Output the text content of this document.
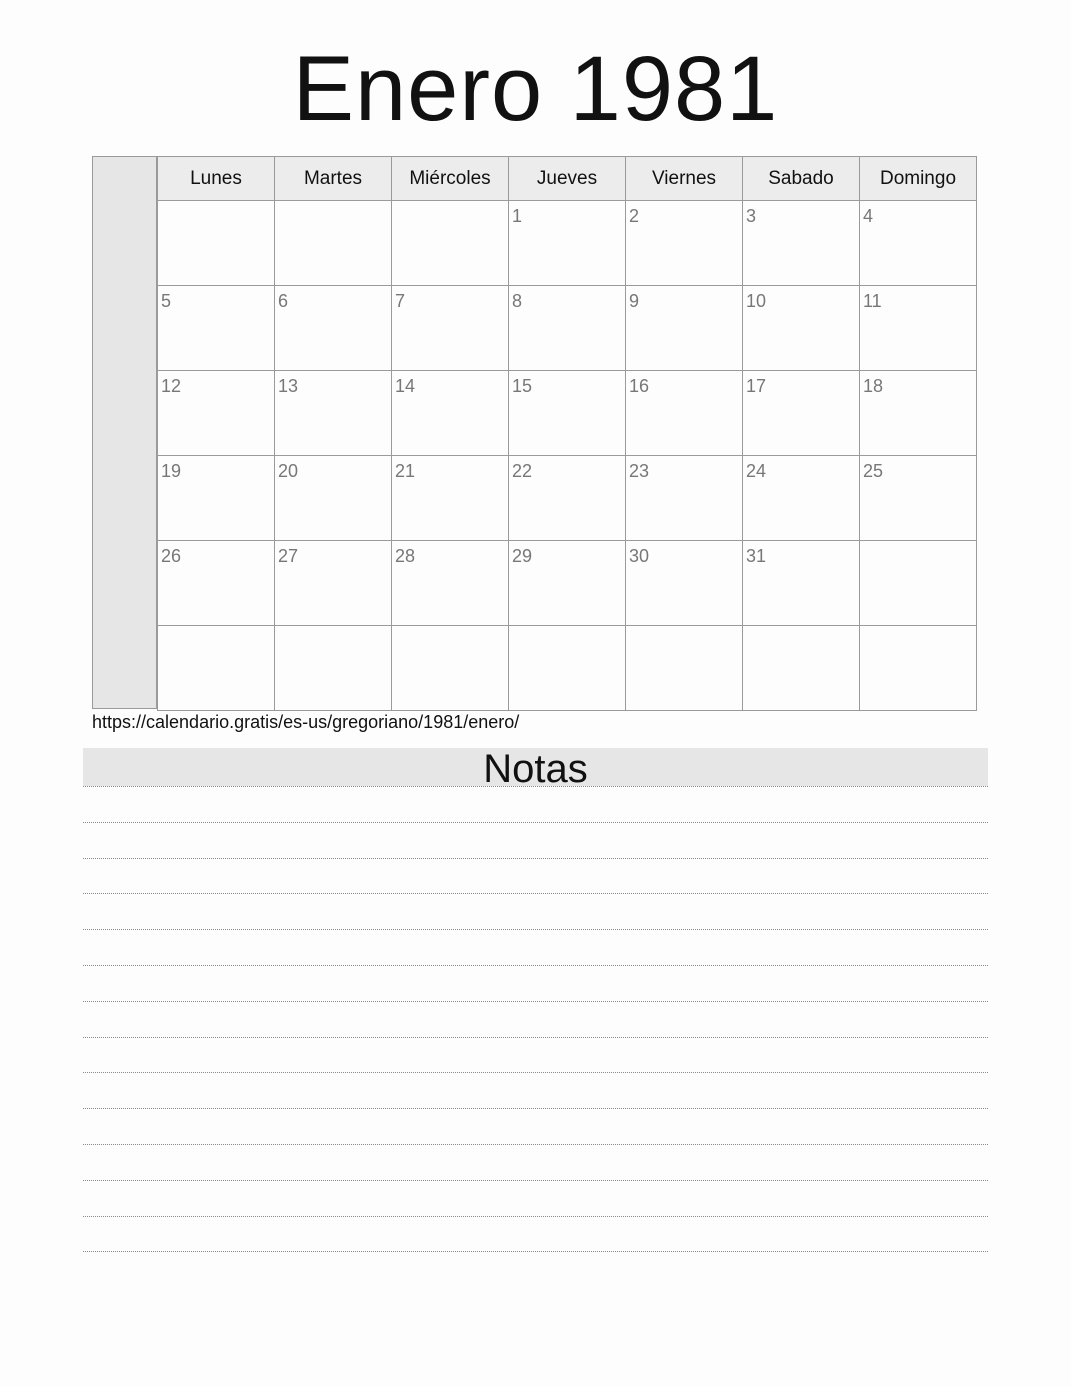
Enero 1981
Lunes	Martes	Miércoles	Jueves	Viernes	Sabado	Domingo

			1	2	3	4

5	6	7	8	9	10	11

12	13	14	15	16	17	18

19	20	21	22	23	24	25

26	27	28	29	30	31	

https://calendario.gratis/es-us/gregoriano/1981/enero/
Notas
